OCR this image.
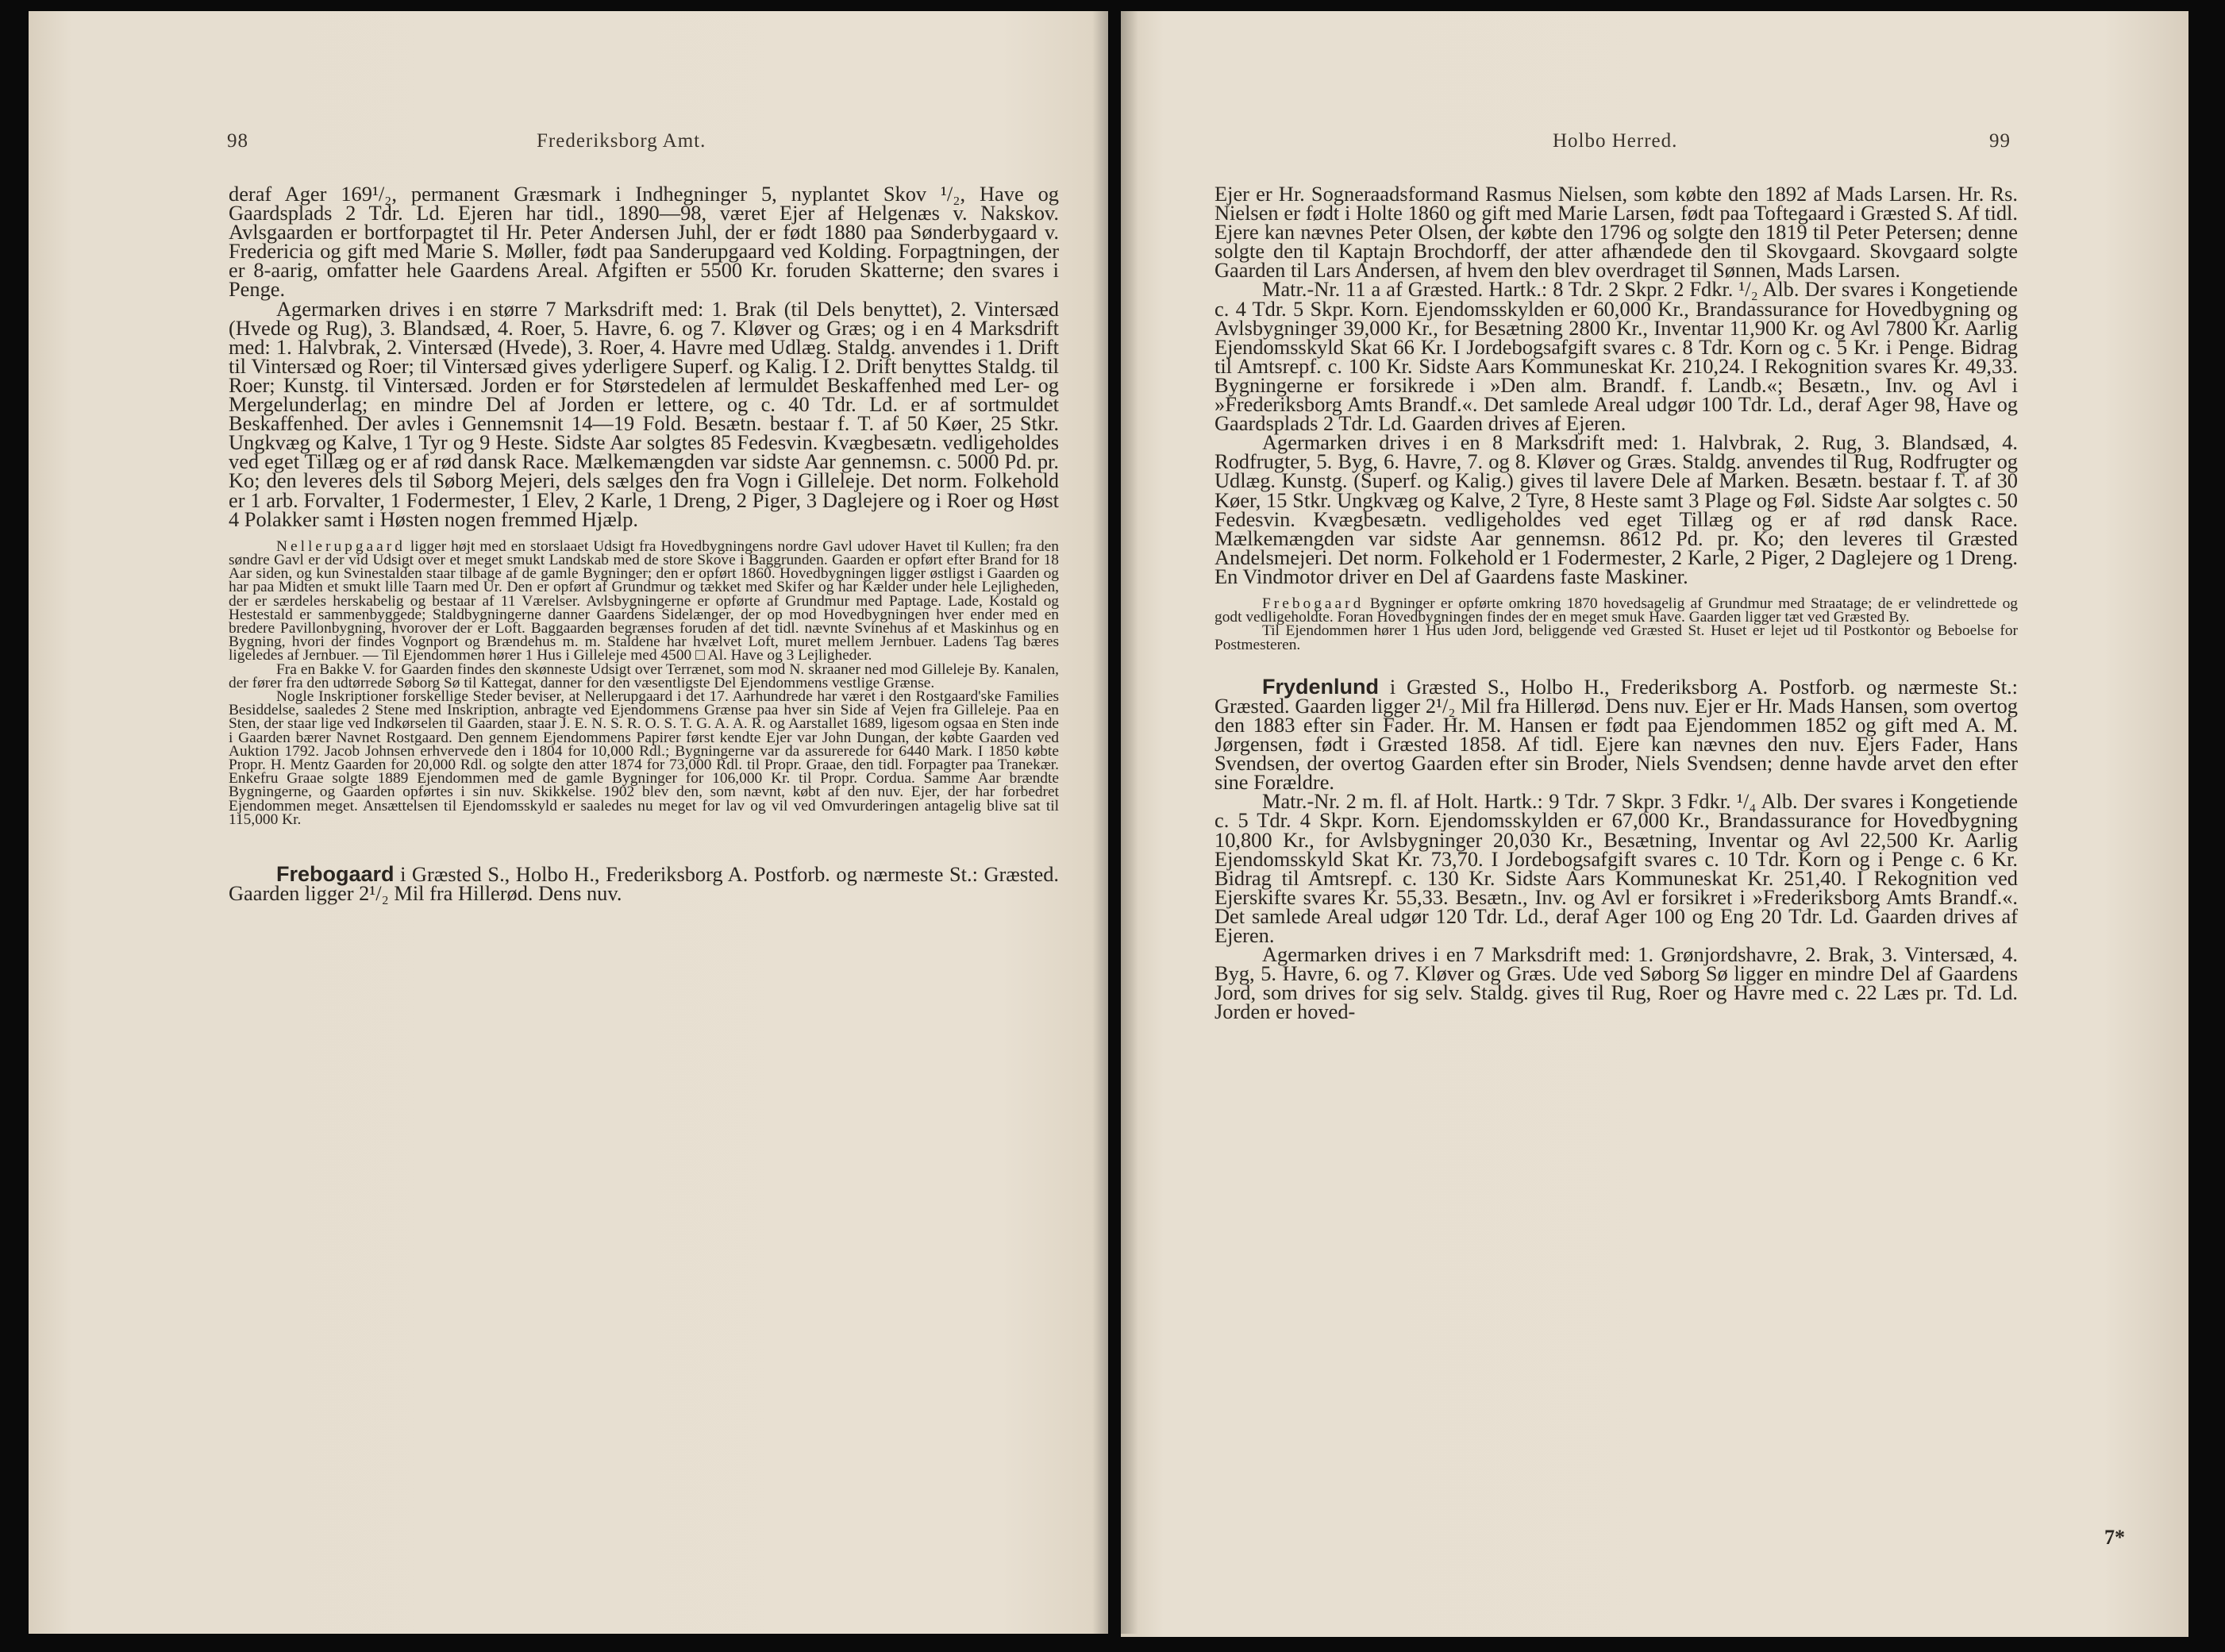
98	Frederiksborg Amt.

deraf Ager 169¹/₂, permanent Græsmark i Indhegninger 5, nyplantet Skov ¹/₂, Have og Gaardsplads 2 Tdr. Ld. Ejeren har tidl., 1890—98, været Ejer af Helgenæs v. Nakskov. Avlsgaarden er bortforpagtet til Hr. Peter Andersen Juhl, der er født 1880 paa Sønderbygaard v. Fredericia og gift med Marie S. Møller, født paa Sanderupgaard ved Kolding. Forpagtningen, der er 8-aarig, omfatter hele Gaardens Areal. Afgiften er 5500 Kr. foruden Skatterne; den svares i Penge.

Agermarken drives i en større 7 Marksdrift med: 1. Brak (til Dels benyttet), 2. Vintersæd (Hvede og Rug), 3. Blandsæd, 4. Roer, 5. Havre, 6. og 7. Kløver og Græs; og i en 4 Marksdrift med: 1. Halvbrak, 2. Vintersæd (Hvede), 3. Roer, 4. Havre med Udlæg. Staldg. anvendes i 1. Drift til Vintersæd og Roer; til Vintersæd gives yderligere Superf. og Kalig. I 2. Drift benyttes Staldg. til Roer; Kunstg. til Vintersæd. Jorden er for Størstedelen af lermuldet Beskaffenhed med Ler- og Mergelunderlag; en mindre Del af Jorden er lettere, og c. 40 Tdr. Ld. er af sortmuldet Beskaffenhed. Der avles i Gennemsnit 14—19 Fold. Besætn. bestaar f. T. af 50 Køer, 25 Stkr. Ungkvæg og Kalve, 1 Tyr og 9 Heste. Sidste Aar solgtes 85 Fedesvin. Kvægbesætn. vedligeholdes ved eget Tillæg og er af rød dansk Race. Mælkemængden var sidste Aar gennemsn. c. 5000 Pd. pr. Ko; den leveres dels til Søborg Mejeri, dels sælges den fra Vogn i Gilleleje. Det norm. Folkehold er 1 arb. Forvalter, 1 Fodermester, 1 Elev, 2 Karle, 1 Dreng, 2 Piger, 3 Daglejere og i Roer og Høst 4 Polakker samt i Høsten nogen fremmed Hjælp.

Nellerupgaard ligger højt med en storslaaet Udsigt fra Hovedbygningens nordre Gavl udover Havet til Kullen; fra den søndre Gavl er der vid Udsigt over et meget smukt Landskab med de store Skove i Baggrunden. Gaarden er opført efter Brand for 18 Aar siden, og kun Svinestalden staar tilbage af de gamle Bygninger; den er opført 1860. Hovedbygningen ligger østligst i Gaarden og har paa Midten et smukt lille Taarn med Ur. Den er opført af Grundmur og tækket med Skifer og har Kælder under hele Lejligheden, der er særdeles herskabelig og bestaar af 11 Værelser. Avlsbygningerne er opførte af Grundmur med Paptage. Lade, Kostald og Hestestald er sammenbyggede; Staldbygningerne danner Gaardens Sidelænger, der op mod Hovedbygningen hver ender med en bredere Pavillonbygning, hvorover der er Loft. Baggaarden begrænses foruden af det tidl. nævnte Svinehus af et Maskinhus og en Bygning, hvori der findes Vognport og Brændehus m. m. Staldene har hvælvet Loft, muret mellem Jernbuer. Ladens Tag bæres ligeledes af Jernbuer. — Til Ejendommen hører 1 Hus i Gilleleje med 4500 □ Al. Have og 3 Lejligheder.

Fra en Bakke V. for Gaarden findes den skønneste Udsigt over Terrænet, som mod N. skraaner ned mod Gilleleje By. Kanalen, der fører fra den udtørrede Søborg Sø til Kattegat, danner for den væsentligste Del Ejendommens vestlige Grænse.

Nogle Inskriptioner forskellige Steder beviser, at Nellerupgaard i det 17. Aarhundrede har været i den Rostgaard'ske Families Besiddelse, saaledes 2 Stene med Inskription, anbragte ved Ejendommens Grænse paa hver sin Side af Vejen fra Gilleleje. Paa en Sten, der staar lige ved Indkørselen til Gaarden, staar J. E. N. S. R. O. S. T. G. A. A. R. og Aarstallet 1689, ligesom ogsaa en Sten inde i Gaarden bærer Navnet Rostgaard. Den gennem Ejendommens Papirer først kendte Ejer var John Dungan, der købte Gaarden ved Auktion 1792. Jacob Johnsen erhvervede den i 1804 for 10,000 Rdl.; Bygningerne var da assurerede for 6440 Mark. I 1850 købte Propr. H. Mentz Gaarden for 20,000 Rdl. og solgte den atter 1874 for 73,000 Rdl. til Propr. Graae, den tidl. Forpagter paa Tranekær. Enkefru Graae solgte 1889 Ejendommen med de gamle Bygninger for 106,000 Kr. til Propr. Cordua. Samme Aar brændte Bygningerne, og Gaarden opførtes i sin nuv. Skikkelse. 1902 blev den, som nævnt, købt af den nuv. Ejer, der har forbedret Ejendommen meget. Ansættelsen til Ejendomsskyld er saaledes nu meget for lav og vil ved Omvurderingen antagelig blive sat til 115,000 Kr.

Frebogaard i Græsted S., Holbo H., Frederiksborg A. Postforb. og nærmeste St.: Græsted. Gaarden ligger 2¹/₂ Mil fra Hillerød. Dens nuv.

Holbo Herred.	99

Ejer er Hr. Sogneraadsformand Rasmus Nielsen, som købte den 1892 af Mads Larsen. Hr. Rs. Nielsen er født i Holte 1860 og gift med Marie Larsen, født paa Toftegaard i Græsted S. Af tidl. Ejere kan nævnes Peter Olsen, der købte den 1796 og solgte den 1819 til Peter Petersen; denne solgte den til Kaptajn Brochdorff, der atter afhændede den til Skovgaard. Skovgaard solgte Gaarden til Lars Andersen, af hvem den blev overdraget til Sønnen, Mads Larsen.

Matr.-Nr. 11 a af Græsted. Hartk.: 8 Tdr. 2 Skpr. 2 Fdkr. ¹/₂ Alb. Der svares i Kongetiende c. 4 Tdr. 5 Skpr. Korn. Ejendomsskylden er 60,000 Kr., Brandassurance for Hovedbygning og Avlsbygninger 39,000 Kr., for Besætning 2800 Kr., Inventar 11,900 Kr. og Avl 7800 Kr. Aarlig Ejendomsskyld Skat 66 Kr. I Jordebogsafgift svares c. 8 Tdr. Korn og c. 5 Kr. i Penge. Bidrag til Amtsrepf. c. 100 Kr. Sidste Aars Kommuneskat Kr. 210,24. I Rekognition svares Kr. 49,33. Bygningerne er forsikrede i »Den alm. Brandf. f. Landb.«; Besætn., Inv. og Avl i »Frederiksborg Amts Brandf.«. Det samlede Areal udgør 100 Tdr. Ld., deraf Ager 98, Have og Gaardsplads 2 Tdr. Ld. Gaarden drives af Ejeren.

Agermarken drives i en 8 Marksdrift med: 1. Halvbrak, 2. Rug, 3. Blandsæd, 4. Rodfrugter, 5. Byg, 6. Havre, 7. og 8. Kløver og Græs. Staldg. anvendes til Rug, Rodfrugter og Udlæg. Kunstg. (Superf. og Kalig.) gives til lavere Dele af Marken. Besætn. bestaar f. T. af 30 Køer, 15 Stkr. Ungkvæg og Kalve, 2 Tyre, 8 Heste samt 3 Plage og Føl. Sidste Aar solgtes c. 50 Fedesvin. Kvægbesætn. vedligeholdes ved eget Tillæg og er af rød dansk Race. Mælkemængden var sidste Aar gennemsn. 8612 Pd. pr. Ko; den leveres til Græsted Andelsmejeri. Det norm. Folkehold er 1 Fodermester, 2 Karle, 2 Piger, 2 Daglejere og 1 Dreng. En Vindmotor driver en Del af Gaardens faste Maskiner.

Frebogaard Bygninger er opførte omkring 1870 hovedsagelig af Grundmur med Straatage; de er velindrettede og godt vedligeholdte. Foran Hovedbygningen findes der en meget smuk Have. Gaarden ligger tæt ved Græsted By.

Til Ejendommen hører 1 Hus uden Jord, beliggende ved Græsted St. Huset er lejet ud til Postkontor og Beboelse for Postmesteren.

Frydenlund i Græsted S., Holbo H., Frederiksborg A. Postforb. og nærmeste St.: Græsted. Gaarden ligger 2¹/₂ Mil fra Hillerød. Dens nuv. Ejer er Hr. Mads Hansen, som overtog den 1883 efter sin Fader. Hr. M. Hansen er født paa Ejendommen 1852 og gift med A. M. Jørgensen, født i Græsted 1858. Af tidl. Ejere kan nævnes den nuv. Ejers Fader, Hans Svendsen, der overtog Gaarden efter sin Broder, Niels Svendsen; denne havde arvet den efter sine Forældre.

Matr.-Nr. 2 m. fl. af Holt. Hartk.: 9 Tdr. 7 Skpr. 3 Fdkr. ¹/₄ Alb. Der svares i Kongetiende c. 5 Tdr. 4 Skpr. Korn. Ejendomsskylden er 67,000 Kr., Brandassurance for Hovedbygning 10,800 Kr., for Avlsbygninger 20,030 Kr., Besætning, Inventar og Avl 22,500 Kr. Aarlig Ejendomsskyld Skat Kr. 73,70. I Jordebogsafgift svares c. 10 Tdr. Korn og i Penge c. 6 Kr. Bidrag til Amtsrepf. c. 130 Kr. Sidste Aars Kommuneskat Kr. 251,40. I Rekognition ved Ejerskifte svares Kr. 55,33. Besætn., Inv. og Avl er forsikret i »Frederiksborg Amts Brandf.«. Det samlede Areal udgør 120 Tdr. Ld., deraf Ager 100 og Eng 20 Tdr. Ld. Gaarden drives af Ejeren.

Agermarken drives i en 7 Marksdrift med: 1. Grønjordshavre, 2. Brak, 3. Vintersæd, 4. Byg, 5. Havre, 6. og 7. Kløver og Græs. Ude ved Søborg Sø ligger en mindre Del af Gaardens Jord, som drives for sig selv. Staldg. gives til Rug, Roer og Havre med c. 22 Læs pr. Td. Ld. Jorden er hoved-

7*
